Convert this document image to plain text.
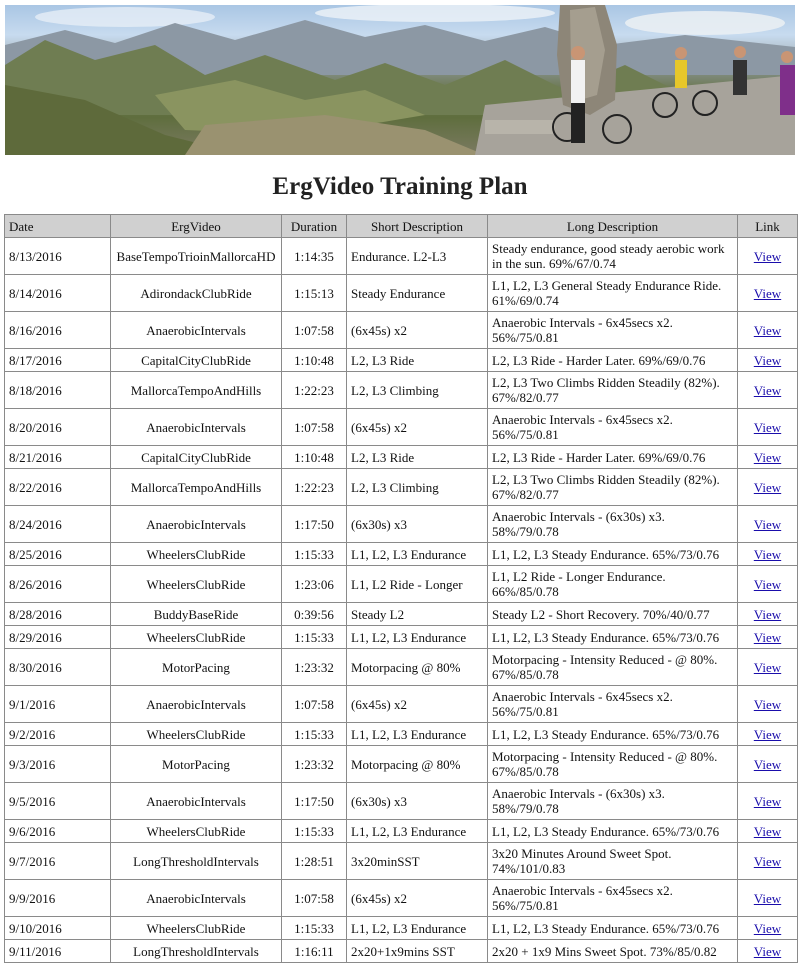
ErgVideo Training Plan
Date	ErgVideo	Duration	Short Description	Long Description	Link
8/13/2016	BaseTempoTrioinMallorcaHD	1:14:35	Endurance. L2-L3	Steady endurance, good steady aerobic work in the sun. 69%/67/0.74	View
8/14/2016	AdirondackClubRide	1:15:13	Steady Endurance	L1, L2, L3 General Steady Endurance Ride. 61%/69/0.74	View
8/16/2016	AnaerobicIntervals	1:07:58	(6x45s) x2	Anaerobic Intervals - 6x45secs x2. 56%/75/0.81	View
8/17/2016	CapitalCityClubRide	1:10:48	L2, L3 Ride	L2, L3 Ride - Harder Later. 69%/69/0.76	View
8/18/2016	MallorcaTempoAndHills	1:22:23	L2, L3 Climbing	L2, L3 Two Climbs Ridden Steadily (82%). 67%/82/0.77	View
8/20/2016	AnaerobicIntervals	1:07:58	(6x45s) x2	Anaerobic Intervals - 6x45secs x2. 56%/75/0.81	View
8/21/2016	CapitalCityClubRide	1:10:48	L2, L3 Ride	L2, L3 Ride - Harder Later. 69%/69/0.76	View
8/22/2016	MallorcaTempoAndHills	1:22:23	L2, L3 Climbing	L2, L3 Two Climbs Ridden Steadily (82%). 67%/82/0.77	View
8/24/2016	AnaerobicIntervals	1:17:50	(6x30s) x3	Anaerobic Intervals - (6x30s) x3. 58%/79/0.78	View
8/25/2016	WheelersClubRide	1:15:33	L1, L2, L3 Endurance	L1, L2, L3 Steady Endurance. 65%/73/0.76	View
8/26/2016	WheelersClubRide	1:23:06	L1, L2 Ride - Longer	L1, L2 Ride - Longer Endurance. 66%/85/0.78	View
8/28/2016	BuddyBaseRide	0:39:56	Steady L2	Steady L2 - Short Recovery. 70%/40/0.77	View
8/29/2016	WheelersClubRide	1:15:33	L1, L2, L3 Endurance	L1, L2, L3 Steady Endurance. 65%/73/0.76	View
8/30/2016	MotorPacing	1:23:32	Motorpacing @ 80%	Motorpacing - Intensity Reduced - @ 80%. 67%/85/0.78	View
9/1/2016	AnaerobicIntervals	1:07:58	(6x45s) x2	Anaerobic Intervals - 6x45secs x2. 56%/75/0.81	View
9/2/2016	WheelersClubRide	1:15:33	L1, L2, L3 Endurance	L1, L2, L3 Steady Endurance. 65%/73/0.76	View
9/3/2016	MotorPacing	1:23:32	Motorpacing @ 80%	Motorpacing - Intensity Reduced - @ 80%. 67%/85/0.78	View
9/5/2016	AnaerobicIntervals	1:17:50	(6x30s) x3	Anaerobic Intervals - (6x30s) x3. 58%/79/0.78	View
9/6/2016	WheelersClubRide	1:15:33	L1, L2, L3 Endurance	L1, L2, L3 Steady Endurance. 65%/73/0.76	View
9/7/2016	LongThresholdIntervals	1:28:51	3x20minSST	3x20 Minutes Around Sweet Spot. 74%/101/0.83	View
9/9/2016	AnaerobicIntervals	1:07:58	(6x45s) x2	Anaerobic Intervals - 6x45secs x2. 56%/75/0.81	View
9/10/2016	WheelersClubRide	1:15:33	L1, L2, L3 Endurance	L1, L2, L3 Steady Endurance. 65%/73/0.76	View
9/11/2016	LongThresholdIntervals	1:16:11	2x20+1x9mins SST	2x20 + 1x9 Mins Sweet Spot. 73%/85/0.82	View
